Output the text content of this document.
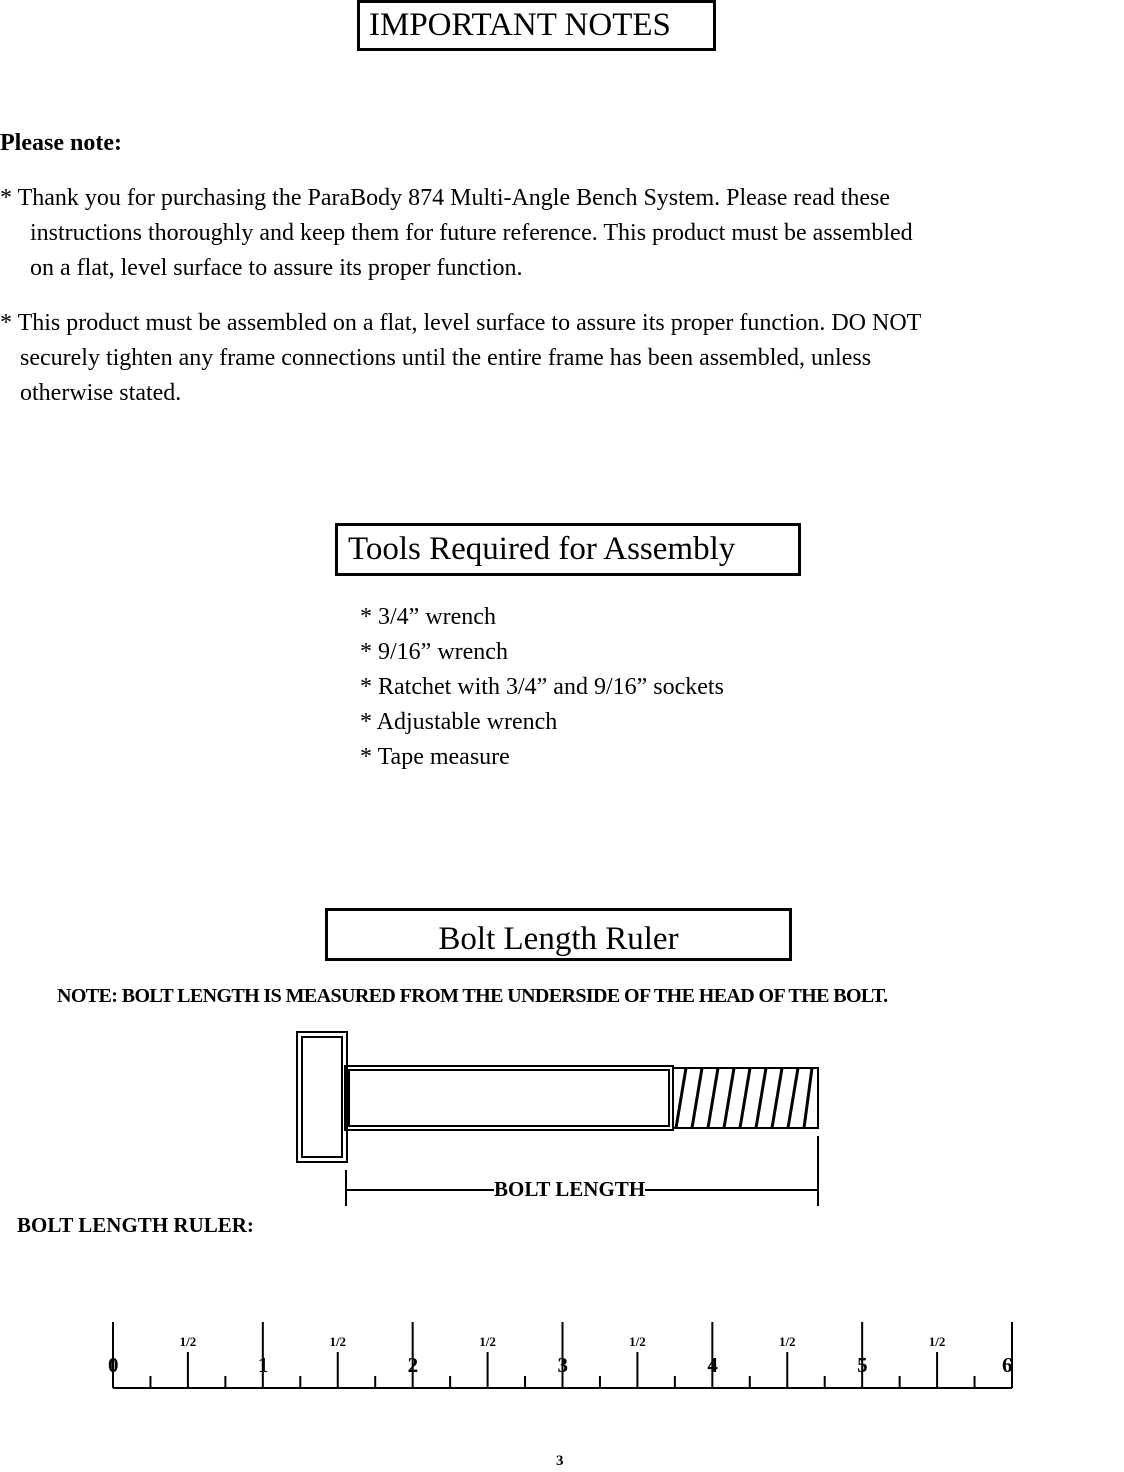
IMPORTANT NOTES
Please note:
* Thank you for purchasing the ParaBody 874 Multi-Angle Bench System. Please read these
instructions thoroughly and keep them for future reference. This product must be assembled
on a flat, level surface to assure its proper function.
* This product must be assembled on a flat, level surface to assure its proper function. DO NOT
securely tighten any frame connections until the entire frame has been assembled, unless
otherwise stated.
Tools Required for Assembly
* 3/4” wrench
* 9/16” wrench
* Ratchet with 3/4” and 9/16” sockets
* Adjustable wrench
* Tape measure
Bolt Length Ruler
NOTE: BOLT LENGTH IS MEASURED FROM THE UNDERSIDE OF THE HEAD OF THE BOLT.
BOLT LENGTH
BOLT LENGTH RULER:
0	1	2	3	4	5	6
1/2	1/2	1/2	1/2	1/2	1/2
3
